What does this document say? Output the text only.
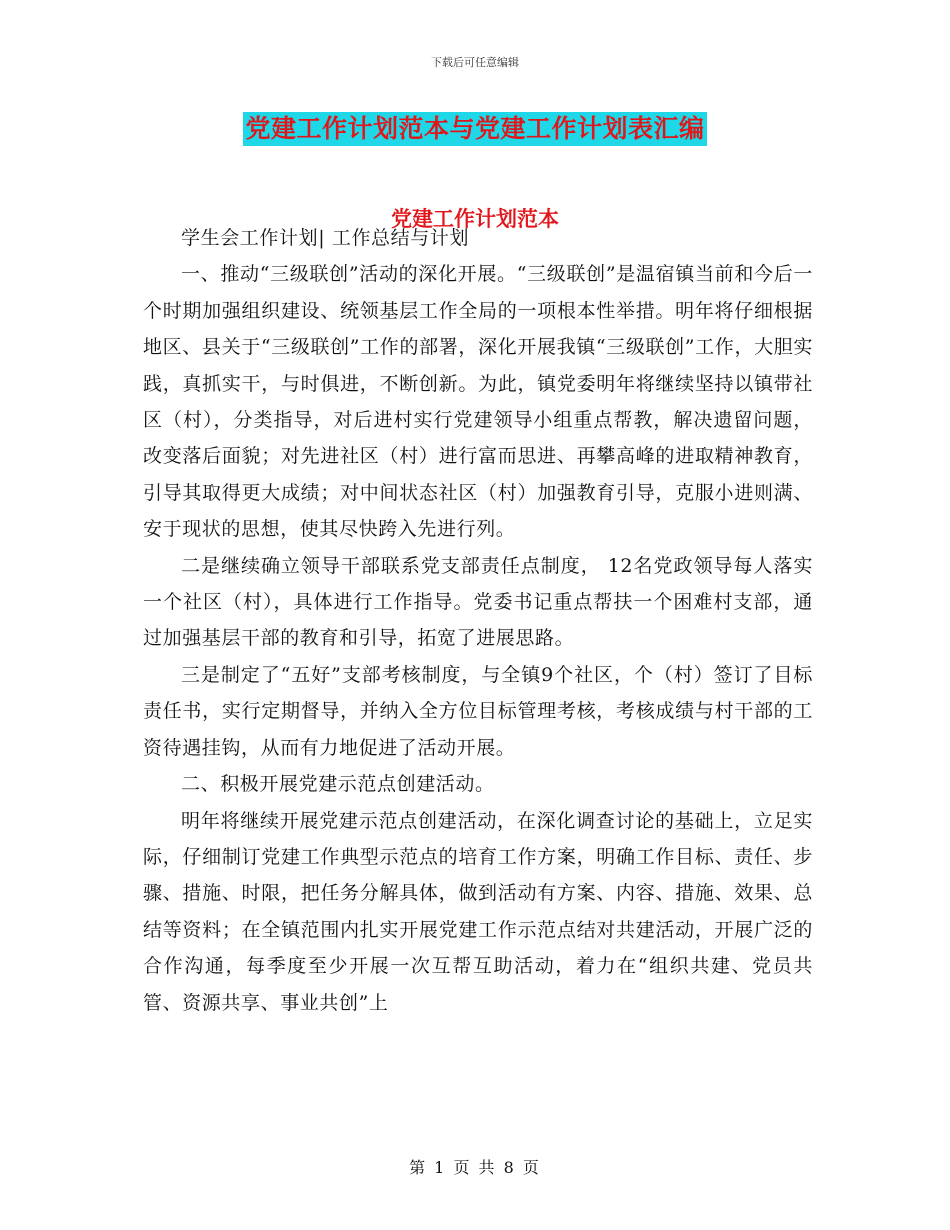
下载后可任意编辑
党建工作计划范本与党建工作计划表汇编
党建工作计划范本

学生会工作计划| 工作总结与计划

一、推动“三级联创”活动的深化开展。“三级联创”是温宿镇当前和今后一个时期加强组织建设、统领基层工作全局的一项根本性举措。明年将仔细根据地区、县关于“三级联创”工作的部署，深化开展我镇“三级联创”工作，大胆实践，真抓实干，与时俱进，不断创新。为此，镇党委明年将继续坚持以镇带社区（村），分类指导，对后进村实行党建领导小组重点帮教，解决遗留问题，改变落后面貌；对先进社区（村）进行富而思进、再攀高峰的进取精神教育，引导其取得更大成绩；对中间状态社区（村）加强教育引导，克服小进则满、安于现状的思想，使其尽快跨入先进行列。

二是继续确立领导干部联系党支部责任点制度， 12名党政领导每人落实一个社区（村），具体进行工作指导。党委书记重点帮扶一个困难村支部，通过加强基层干部的教育和引导，拓宽了进展思路。

三是制定了“五好”支部考核制度，与全镇9个社区，个（村）签订了目标责任书，实行定期督导，并纳入全方位目标管理考核，考核成绩与村干部的工资待遇挂钩，从而有力地促进了活动开展。

二、积极开展党建示范点创建活动。

明年将继续开展党建示范点创建活动，在深化调查讨论的基础上，立足实际，仔细制订党建工作典型示范点的培育工作方案，明确工作目标、责任、步骤、措施、时限，把任务分解具体，做到活动有方案、内容、措施、效果、总结等资料；在全镇范围内扎实开展党建工作示范点结对共建活动，开展广泛的合作沟通，每季度至少开展一次互帮互助活动，着力在“组织共建、党员共管、资源共享、事业共创”上

第 1 页 共 8 页
